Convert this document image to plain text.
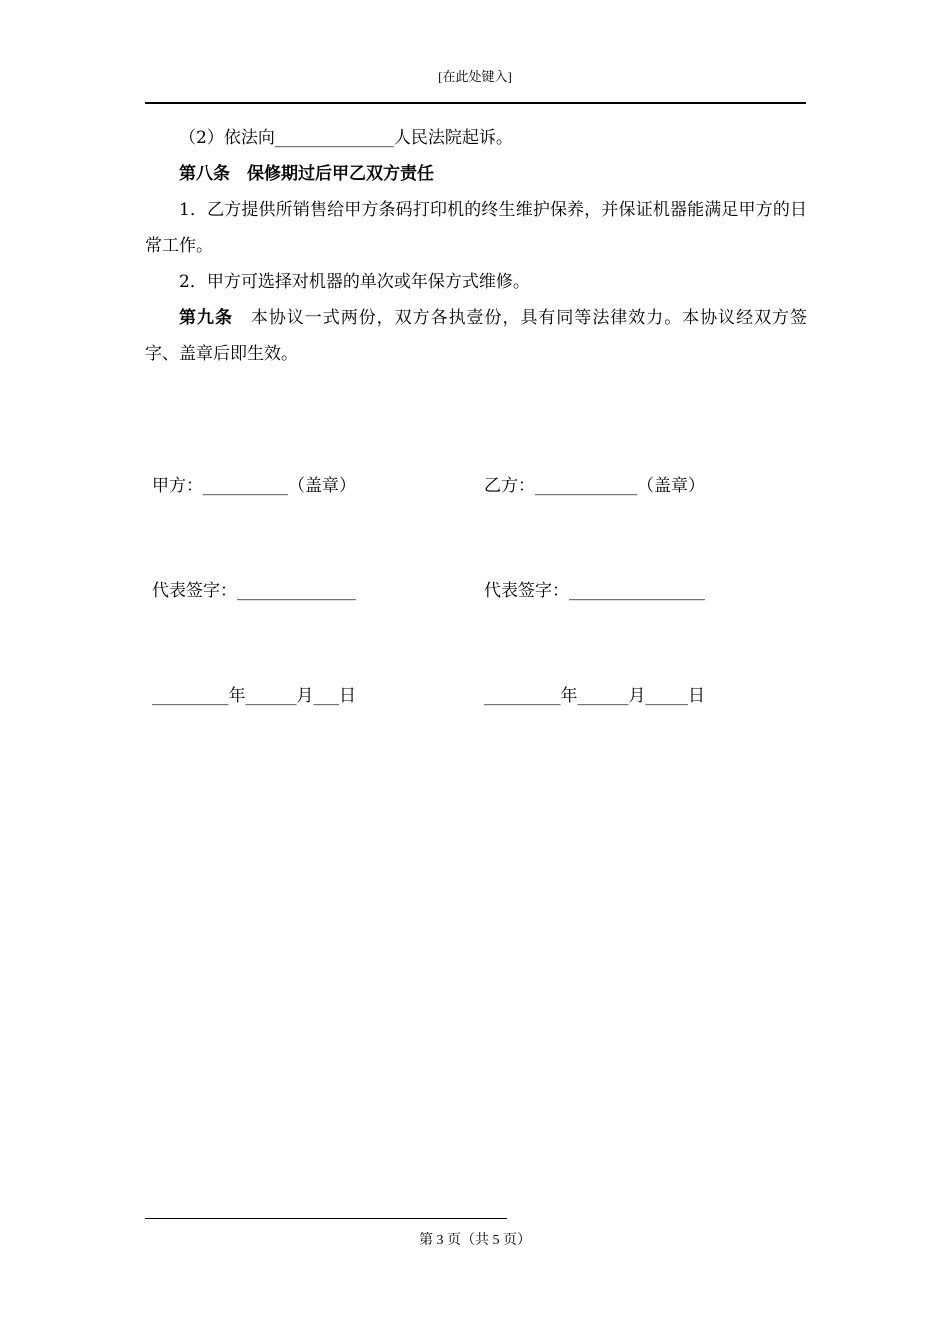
[在此处键入]

（2）依法向______________人民法院起诉。

第八条　保修期过后甲乙双方责任

1．乙方提供所销售给甲方条码打印机的终生维护保养，并保证机器能满足甲方的日常工作。

2．甲方可选择对机器的单次或年保方式维修。

第九条　本协议一式两份，双方各执壹份，具有同等法律效力。本协议经双方签字、盖章后即生效。

甲方：__________（盖章）

代表签字：______________

_________年______月___日

乙方：____________（盖章）

代表签字：________________

_________年______月_____日

第 3 页（共 5 页）
